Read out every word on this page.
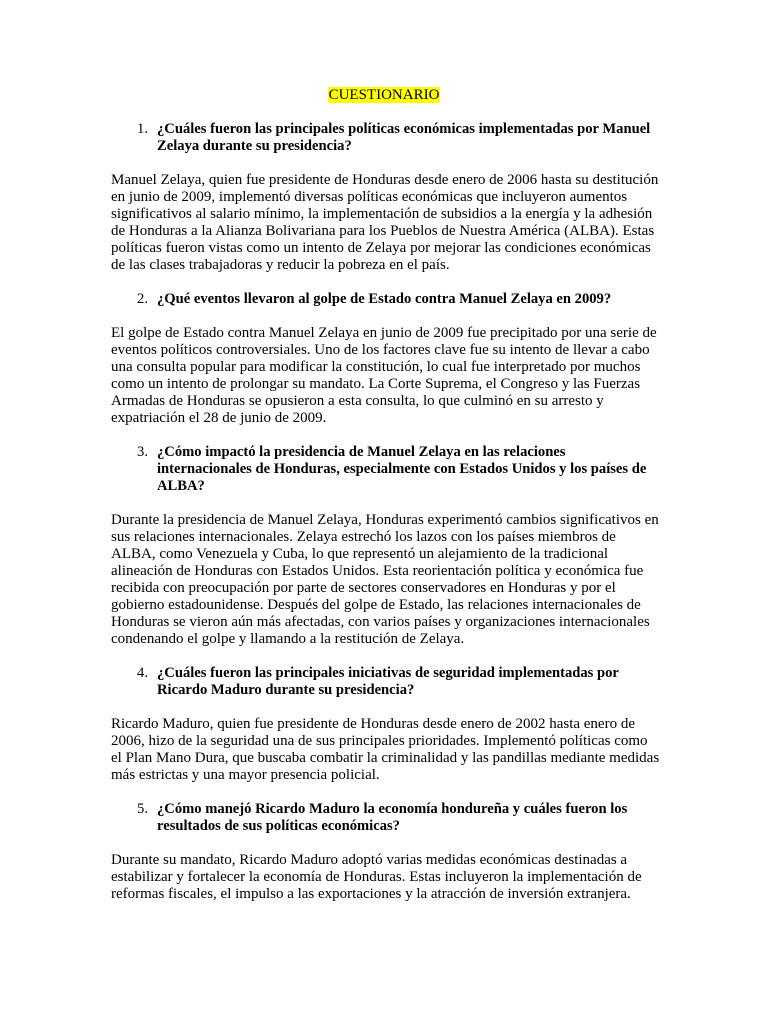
CUESTIONARIO
1. ¿Cuáles fueron las principales políticas económicas implementadas por Manuel Zelaya durante su presidencia?

Manuel Zelaya, quien fue presidente de Honduras desde enero de 2006 hasta su destitución en junio de 2009, implementó diversas políticas económicas que incluyeron aumentos significativos al salario mínimo, la implementación de subsidios a la energía y la adhesión de Honduras a la Alianza Bolivariana para los Pueblos de Nuestra América (ALBA). Estas políticas fueron vistas como un intento de Zelaya por mejorar las condiciones económicas de las clases trabajadoras y reducir la pobreza en el país.

2. ¿Qué eventos llevaron al golpe de Estado contra Manuel Zelaya en 2009?

El golpe de Estado contra Manuel Zelaya en junio de 2009 fue precipitado por una serie de eventos políticos controversiales. Uno de los factores clave fue su intento de llevar a cabo una consulta popular para modificar la constitución, lo cual fue interpretado por muchos como un intento de prolongar su mandato. La Corte Suprema, el Congreso y las Fuerzas Armadas de Honduras se opusieron a esta consulta, lo que culminó en su arresto y expatriación el 28 de junio de 2009.

3. ¿Cómo impactó la presidencia de Manuel Zelaya en las relaciones internacionales de Honduras, especialmente con Estados Unidos y los países de ALBA?

Durante la presidencia de Manuel Zelaya, Honduras experimentó cambios significativos en sus relaciones internacionales. Zelaya estrechó los lazos con los países miembros de ALBA, como Venezuela y Cuba, lo que representó un alejamiento de la tradicional alineación de Honduras con Estados Unidos. Esta reorientación política y económica fue recibida con preocupación por parte de sectores conservadores en Honduras y por el gobierno estadounidense. Después del golpe de Estado, las relaciones internacionales de Honduras se vieron aún más afectadas, con varios países y organizaciones internacionales condenando el golpe y llamando a la restitución de Zelaya.

4. ¿Cuáles fueron las principales iniciativas de seguridad implementadas por Ricardo Maduro durante su presidencia?

Ricardo Maduro, quien fue presidente de Honduras desde enero de 2002 hasta enero de 2006, hizo de la seguridad una de sus principales prioridades. Implementó políticas como el Plan Mano Dura, que buscaba combatir la criminalidad y las pandillas mediante medidas más estrictas y una mayor presencia policial.

5. ¿Cómo manejó Ricardo Maduro la economía hondureña y cuáles fueron los resultados de sus políticas económicas?

Durante su mandato, Ricardo Maduro adoptó varias medidas económicas destinadas a estabilizar y fortalecer la economía de Honduras. Estas incluyeron la implementación de reformas fiscales, el impulso a las exportaciones y la atracción de inversión extranjera.
